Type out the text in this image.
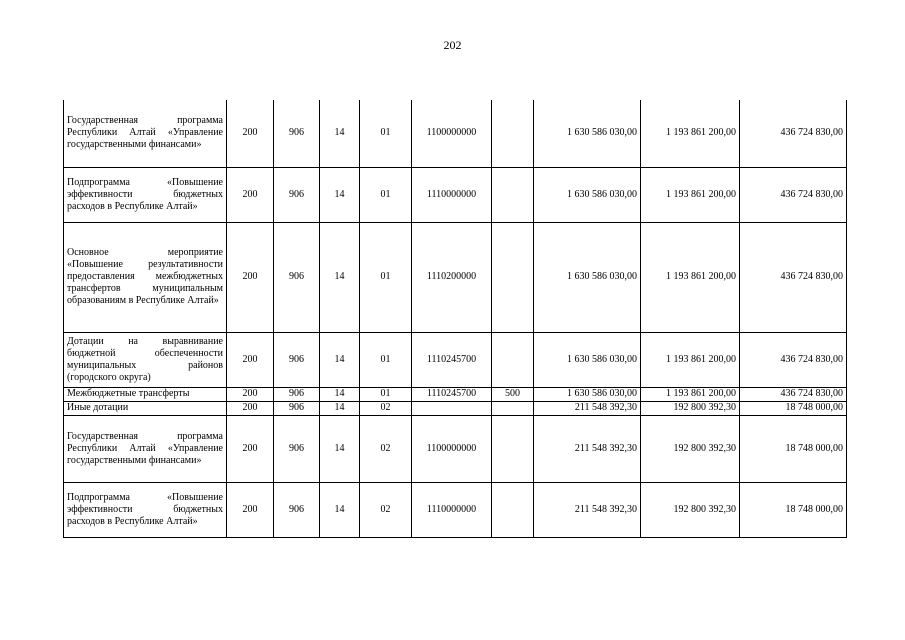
202
Государственная программа Республики Алтай «Управление государственными финансами»	200	906	14	01	1100000000		1 630 586 030,00	1 193 861 200,00	436 724 830,00
Подпрограмма «Повышение эффективности бюджетных расходов в Республике Алтай»	200	906	14	01	1110000000		1 630 586 030,00	1 193 861 200,00	436 724 830,00
Основное мероприятие «Повышение результативности предоставления межбюджетных трансфертов муниципальным образованиям в Республике Алтай»	200	906	14	01	1110200000		1 630 586 030,00	1 193 861 200,00	436 724 830,00
Дотации на выравнивание бюджетной обеспеченности муниципальных районов (городского округа)	200	906	14	01	1110245700		1 630 586 030,00	1 193 861 200,00	436 724 830,00
Межбюджетные трансферты	200	906	14	01	1110245700	500	1 630 586 030,00	1 193 861 200,00	436 724 830,00
Иные дотации	200	906	14	02			211 548 392,30	192 800 392,30	18 748 000,00
Государственная программа Республики Алтай «Управление государственными финансами»	200	906	14	02	1100000000		211 548 392,30	192 800 392,30	18 748 000,00
Подпрограмма «Повышение эффективности бюджетных расходов в Республике Алтай»	200	906	14	02	1110000000		211 548 392,30	192 800 392,30	18 748 000,00
